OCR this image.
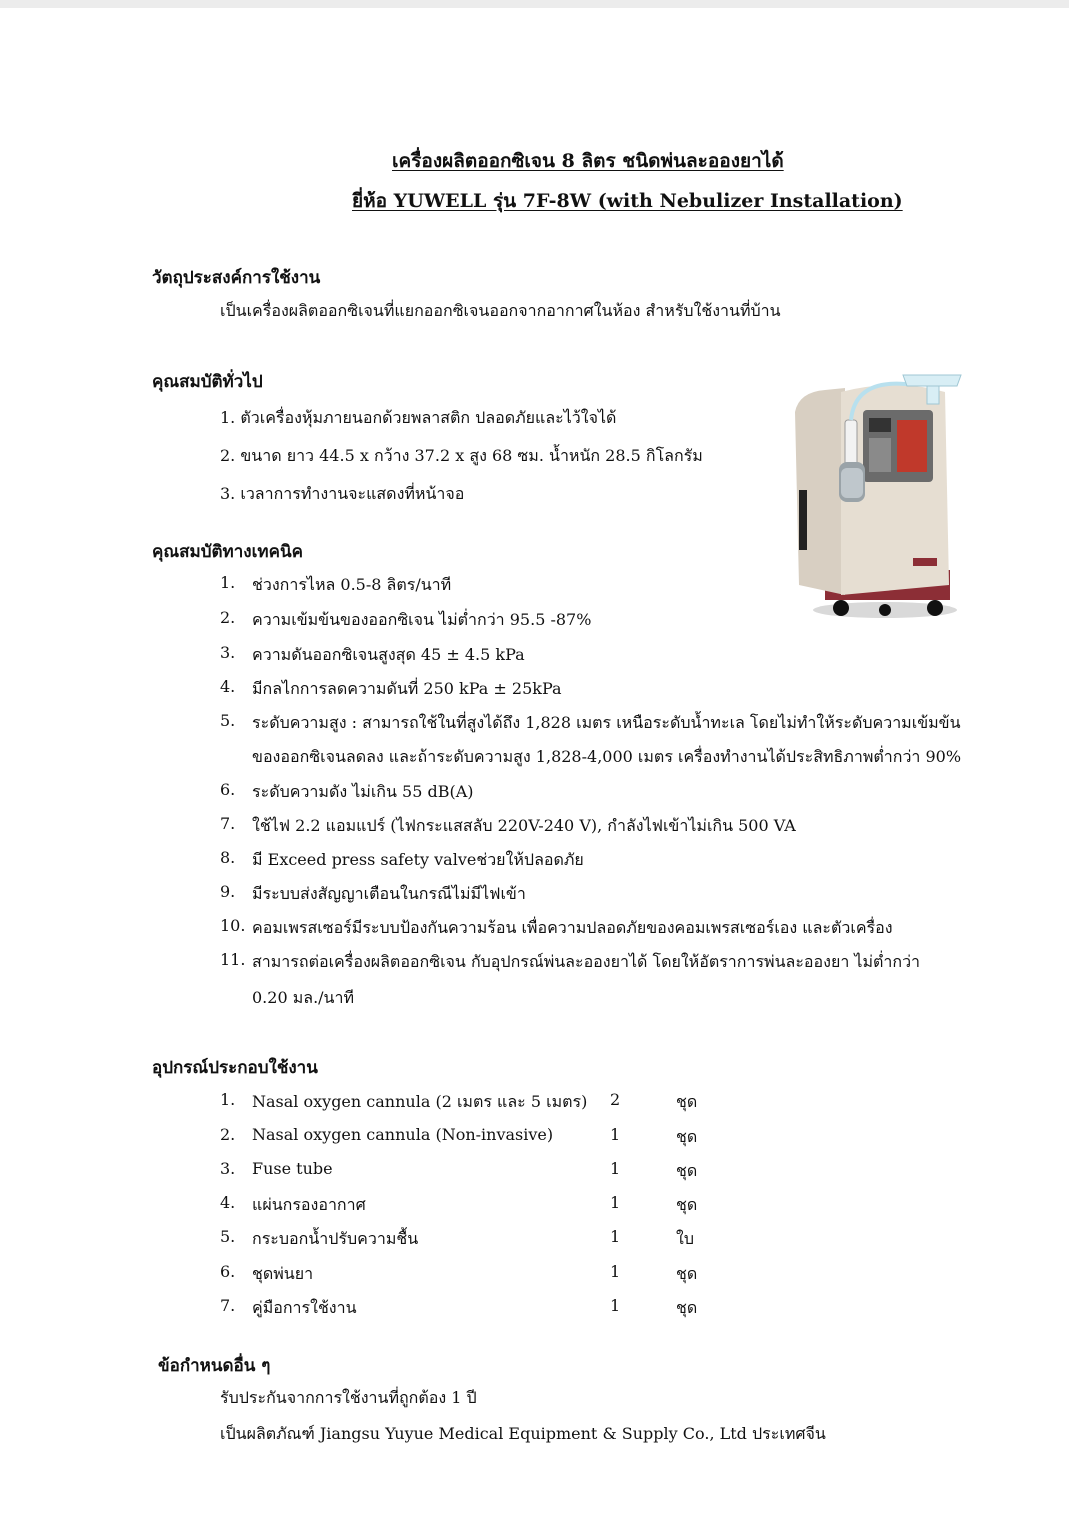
เครื่องผลิตออกซิเจน 8 ลิตร ชนิดพ่นละอองยาได้
ยี่ห้อ YUWELL รุ่น 7F-8W (with Nebulizer Installation)
วัตถุประสงค์การใช้งาน
เป็นเครื่องผลิตออกซิเจนที่แยกออกซิเจนออกจากอากาศในห้อง สำหรับใช้งานที่บ้าน
คุณสมบัติทั่วไป
1. ตัวเครื่องหุ้มภายนอกด้วยพลาสติก ปลอดภัยและไว้ใจได้
2. ขนาด ยาว 44.5 x กว้าง 37.2 x สูง 68 ซม. น้ำหนัก 28.5 กิโลกรัม
3. เวลาการทำงานจะแสดงที่หน้าจอ
คุณสมบัติทางเทคนิค
1. ช่วงการไหล 0.5-8 ลิตร/นาที
2. ความเข้มข้นของออกซิเจน ไม่ต่ำกว่า 95.5 -87%
3. ความดันออกซิเจนสูงสุด 45 ± 4.5 kPa
4. มีกลไกการลดความดันที่ 250 kPa ± 25kPa
5. ระดับความสูง : สามารถใช้ในที่สูงได้ถึง 1,828 เมตร เหนือระดับน้ำทะเล โดยไม่ทำให้ระดับความเข้มข้น
ของออกซิเจนลดลง และถ้าระดับความสูง 1,828-4,000 เมตร เครื่องทำงานได้ประสิทธิภาพต่ำกว่า 90%
6. ระดับความดัง ไม่เกิน 55 dB(A)
7. ใช้ไฟ 2.2 แอมแปร์ (ไฟกระแสสลับ 220V-240 V), กำลังไฟเข้าไม่เกิน 500 VA
8. มี Exceed press safety valveช่วยให้ปลอดภัย
9. มีระบบส่งสัญญาเตือนในกรณีไม่มีไฟเข้า
10. คอมเพรสเซอร์มีระบบป้องกันความร้อน เพื่อความปลอดภัยของคอมเพรสเซอร์เอง และตัวเครื่อง
11. สามารถต่อเครื่องผลิตออกซิเจน กับอุปกรณ์พ่นละอองยาได้ โดยให้อัตราการพ่นละอองยา ไม่ต่ำกว่า
0.20 มล./นาที
อุปกรณ์ประกอบใช้งาน
1. Nasal oxygen cannula (2 เมตร และ 5 เมตร) 2	ชุด
2. Nasal oxygen cannula (Non-invasive)	1	ชุด
3. Fuse tube	1	ชุด
4. แผ่นกรองอากาศ	1	ชุด
5. กระบอกน้ำปรับความชื้น	1	ใบ
6. ชุดพ่นยา	1	ชุด
7. คู่มือการใช้งาน	1	ชุด
ข้อกำหนดอื่น ๆ
รับประกันจากการใช้งานที่ถูกต้อง 1 ปี
เป็นผลิตภัณฑ์ Jiangsu Yuyue Medical Equipment & Supply Co., Ltd ประเทศจีน
